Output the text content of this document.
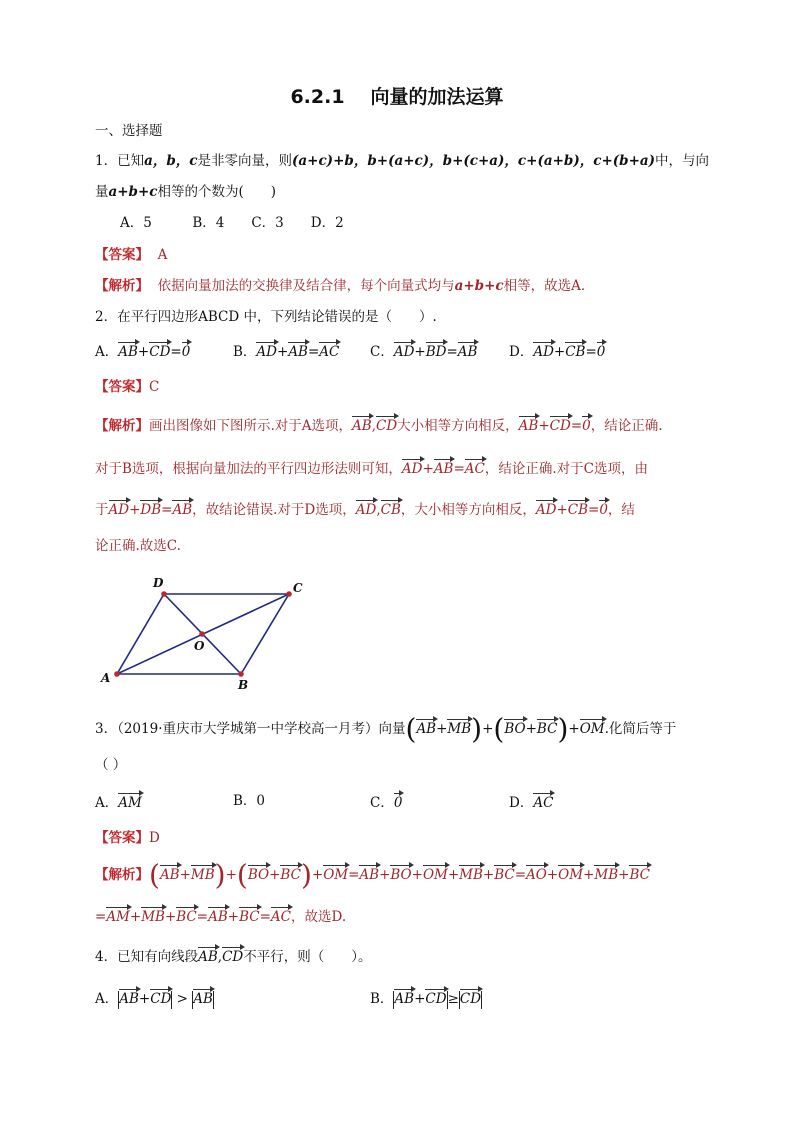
6.2.1 向量的加法运算
一、选择题
1．已知a，b，c是非零向量，则(a+c)+b，b+(a+c)，b+(c+a)，c+(a+b)，c+(b+a)中，与向
量a+b+c相等的个数为(　　)
A．5　　　B．4　　C．3　　D．2
【答案】 A
【解析】 依据向量加法的交换律及结合律，每个向量式均与a+b+c相等，故选A．
2．在平行四边形ABCD 中，下列结论错误的是（　　）.
A．AB+CD=0	B．AD+AB=AC C．AD+BD=AB D．AD+CB=0
【答案】C
【解析】画出图像如下图所示.对于A选项，AB,CD大小相等方向相反，AB+CD=0，结论正确.
对于B选项，根据向量加法的平行四边形法则可知，AD+AB=AC，结论正确.对于C选项，由
于AD+DB=AB，故结论错误.对于D选项，AD,CB，大小相等方向相反，AD+CB=0，结
论正确.故选C.
D	C
O
A	B
3．（2019·重庆市大学城第一中学校高一月考）向量(AB+MB)+(BO+BC)+OM.化简后等于
（ ）
A．AM	B．0	C．0	D．AC
【答案】D
【解析】(AB+MB)+(BO+BC)+OM=AB+BO+OM+MB+BC=AO+OM+MB+BC
=AM+MB+BC=AB+BC=AC，故选D.
4．已知有向线段AB,CD不平行，则（　　）。
A．AB+CD > AB	B．AB+CD≥CD
